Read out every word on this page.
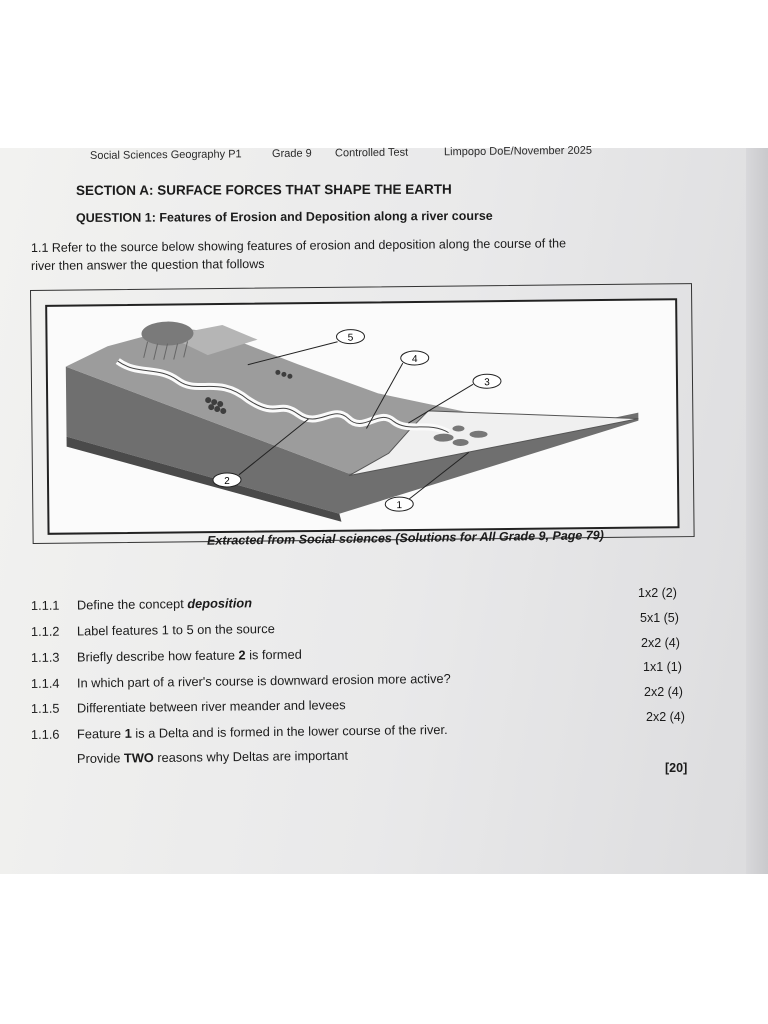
Social Sciences Geography P1	Grade 9 Controlled Test	Limpopo DoE/November 2025
SECTION A: SURFACE FORCES THAT SHAPE THE EARTH
QUESTION 1: Features of Erosion and Deposition along a river course
1.1 Refer to the source below showing features of erosion and deposition along the course of the
river then answer the question that follows
5
4
3
2
1
Extracted from Social sciences (Solutions for All Grade 9, Page 79)
1.1.1 Define the concept deposition
1.1.2 Label features 1 to 5 on the source
1.1.3 Briefly describe how feature 2 is formed
1.1.4 In which part of a river's course is downward erosion more active?
1.1.5 Differentiate between river meander and levees
1.1.6 Feature 1 is a Delta and is formed in the lower course of the river.
Provide TWO reasons why Deltas are important
1x2 (2)
5x1 (5)
2x2 (4)
1x1 (1)
2x2 (4)
2x2 (4)
[20]
